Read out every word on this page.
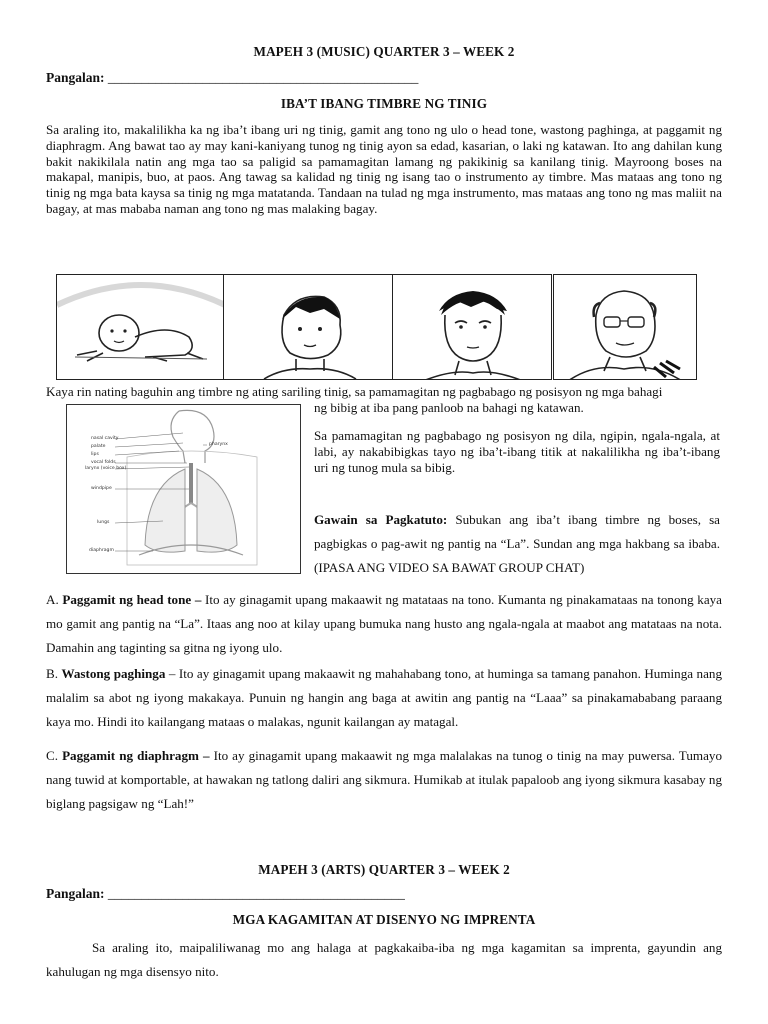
MAPEH 3 (MUSIC) QUARTER 3 – WEEK 2
Pangalan: ______________________________________________
IBA’T IBANG TIMBRE NG TINIG
Sa araling ito, makalilikha ka ng iba’t ibang uri ng tinig, gamit ang tono ng ulo o head tone, wastong paghinga, at paggamit ng diaphragm. Ang bawat tao ay may kani-kaniyang tunog ng tinig ayon sa edad, kasarian, o laki ng katawan. Ito ang dahilan kung bakit nakikilala natin ang mga tao sa paligid sa pamamagitan lamang ng pakikinig sa kanilang tinig. Mayroong boses na makapal, manipis, buo, at paos. Ang tawag sa kalidad ng tinig ng isang tao o instrumento ay timbre. Mas mataas ang tono ng tinig ng mga bata kaysa sa tinig ng mga matatanda. Tandaan na tulad ng mga instrumento, mas mataas ang tono ng mas maliit na bagay, at mas mababa naman ang tono ng mas malaking bagay.
Kaya rin nating baguhin ang timbre ng ating sariling tinig, sa pamamagitan ng pagbabago ng posisyon ng mga bahagi
nasal cavity
palate
lips
vocal folds
larynx (voice box)
windpipe
lungs
diaphragm
pharynx
ng bibig at iba pang panloob na bahagi ng katawan.
Sa pamamagitan ng pagbabago ng posisyon ng dila, ngipin, ngala-ngala, at labi, ay nakabibigkas tayo ng iba’t-ibang titik at nakalilikha ng iba’t-ibang uri ng tunog mula sa bibig.
Gawain sa Pagkatuto: Subukan ang iba’t ibang timbre ng boses, sa pagbigkas o pag-awit ng pantig na “La”. Sundan ang mga hakbang sa ibaba. (IPASA ANG VIDEO SA BAWAT GROUP CHAT)
A. Paggamit ng head tone – Ito ay ginagamit upang makaawit ng matataas na tono. Kumanta ng pinakamataas na tonong kaya mo gamit ang pantig na “La”. Itaas ang noo at kilay upang bumuka nang husto ang ngala-ngala at maabot ang matataas na nota. Damahin ang taginting sa gitna ng iyong ulo.
B. Wastong paghinga – Ito ay ginagamit upang makaawit ng mahahabang tono, at huminga sa tamang panahon. Huminga nang malalim sa abot ng iyong makakaya. Punuin ng hangin ang baga at awitin ang pantig na “Laaa” sa pinakamababang paraang kaya mo. Hindi ito kailangang mataas o malakas, ngunit kailangan ay matagal.
C. Paggamit ng diaphragm – Ito ay ginagamit upang makaawit ng mga malalakas na tunog o tinig na may puwersa. Tumayo nang tuwid at komportable, at hawakan ng tatlong daliri ang sikmura. Humikab at itulak papaloob ang iyong sikmura kasabay ng biglang pagsigaw ng “Lah!”
MAPEH 3 (ARTS) QUARTER 3 – WEEK 2
Pangalan: ____________________________________________
MGA KAGAMITAN AT DISENYO NG IMPRENTA
Sa araling ito, maipaliliwanag mo ang halaga at pagkakaiba-iba ng mga kagamitan sa imprenta, gayundin ang kahulugan ng mga disensyo nito.
